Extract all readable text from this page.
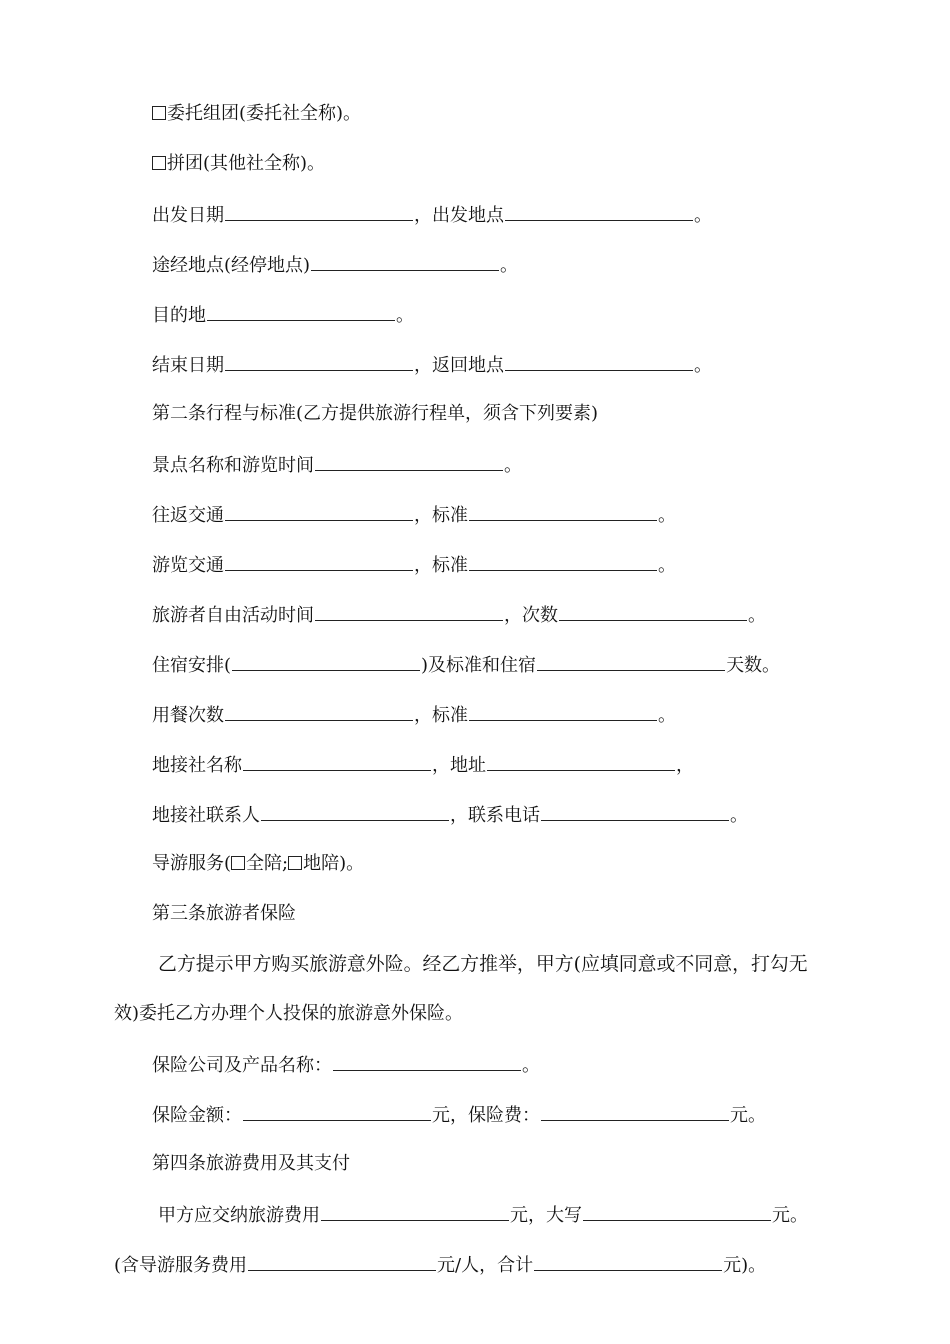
委托组团(委托社全称)。
拼团(其他社全称)。
出发日期	，出发地点	。
途经地点(经停地点)	。
目的地	。
结束日期	，返回地点	。
第二条行程与标准(乙方提供旅游行程单，须含下列要素)
景点名称和游览时间	。
往返交通	，标准	。
游览交通	，标准	。
旅游者自由活动时间	，次数	。
住宿安排(	)及标准和住宿	天数。
用餐次数	，标准	。
地接社名称	，地址	，
地接社联系人	，联系电话	。
导游服务( 全陪; 地陪)。
第三条旅游者保险
乙方提示甲方购买旅游意外险。经乙方推举，甲方(应填同意或不同意，打勾无
效)委托乙方办理个人投保的旅游意外保险。
保险公司及产品名称：	。
保险金额：	元，保险费：	元。
第四条旅游费用及其支付
甲方应交纳旅游费用	元，大写	元。
(含导游服务费用	元/人，合计	元)。
